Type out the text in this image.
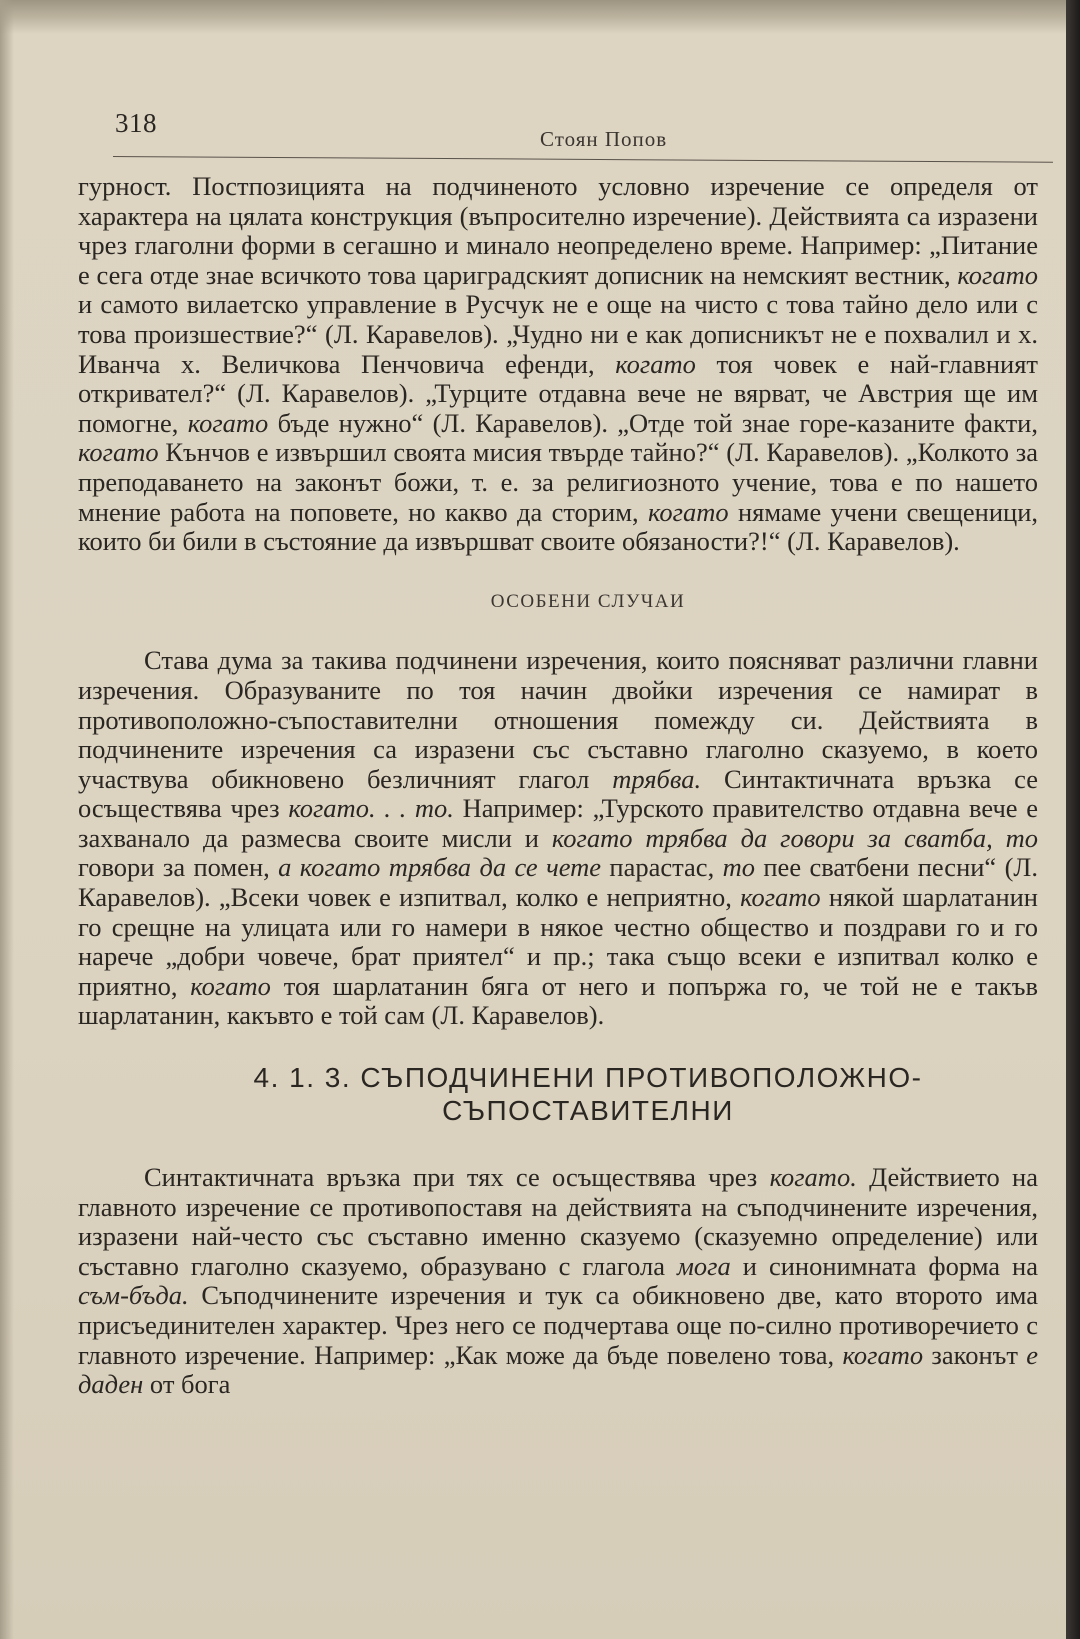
318
Стоян Попов

гурност. Постпозицията на подчиненото условно изречение се определя от характера на цялата конструкция (въпросително изречение). Действията са изразени чрез глаголни форми в сегашно и минало неопределено време. Например: „Питание е сега отде знае всичкото това цариградският дописник на немският вестник, когато и самото вилаетско управление в Русчук не е още на чисто с това тайно дело или с това произшествие?“ (Л. Каравелов). „Чудно ни е как дописникът не е похвалил и х. Иванча х. Величкова Пенчовича ефенди, когато тоя човек е най-главният откривател?“ (Л. Каравелов). „Турците отдавна вече не вярват, че Австрия ще им помогне, когато бъде нужно“ (Л. Каравелов). „Отде той знае горе-казаните факти, когато Кънчов е извършил своята мисия твърде тайно?“ (Л. Каравелов). „Колкото за преподаването на законът божи, т. е. за религиозното учение, това е по нашето мнение работа на поповете, но какво да сторим, когато нямаме учени свещеници, които би били в състояние да извършват своите обязаности?!“ (Л. Каравелов).

ОСОБЕНИ СЛУЧАИ

Става дума за такива подчинени изречения, които поясняват различни главни изречения. Образуваните по тоя начин двойки изречения се намират в противоположно-съпоставителни отношения помежду си. Действията в подчинените изречения са изразени със съставно глаголно сказуемо, в което участвува обикновено безличният глагол трябва. Синтактичната връзка се осъществява чрез когато. . . то. Например: „Турското правителство отдавна вече е захванало да размесва своите мисли и когато трябва да говори за сватба, то говори за помен, а когато трябва да се чете парастас, то пее сватбени песни“ (Л. Каравелов). „Всеки човек е изпитвал, колко е неприятно, когато някой шарлатанин го срещне на улицата или го намери в някое честно общество и поздрави го и го нарече „добри човече, брат приятел“ и пр.; така също всеки е изпитвал колко е приятно, когато тоя шарлатанин бяга от него и попържа го, че той не е такъв шарлатанин, какъвто е той сам (Л. Каравелов).

4. 1. 3. СЪПОДЧИНЕНИ ПРОТИВОПОЛОЖНО-
СЪПОСТАВИТЕЛНИ

Синтактичната връзка при тях се осъществява чрез когато. Действието на главното изречение се противопоставя на действията на съподчинените изречения, изразени най-често със съставно именно сказуемо (сказуемно определение) или съставно глаголно сказуемо, образувано с глагола мога и синонимната форма на съм-бъда. Съподчинените изречения и тук са обикновено две, като второто има присъединителен характер. Чрез него се подчертава още по-силно противоречието с главното изречение. Например: „Как може да бъде повелено това, когато законът е даден от бога
